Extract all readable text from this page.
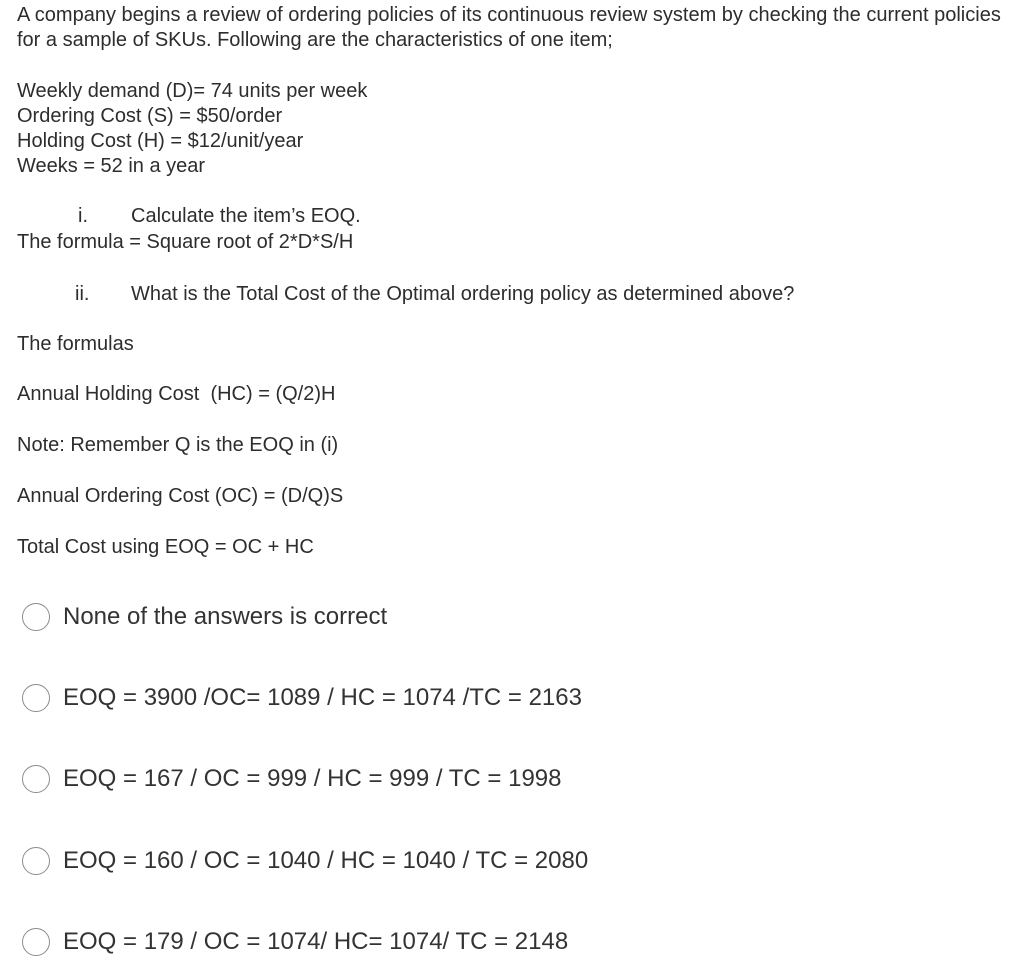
A company begins a review of ordering policies of its continuous review system by checking the current policies for a sample of SKUs. Following are the characteristics of one item;
Weekly demand (D)= 74 units per week
Ordering Cost (S) = $50/order
Holding Cost (H) = $12/unit/year
Weeks = 52 in a year
i. Calculate the item’s EOQ.
The formula = Square root of 2*D*S/H
ii. What is the Total Cost of the Optimal ordering policy as determined above?
The formulas
Annual Holding Cost  (HC) = (Q/2)H
Note: Remember Q is the EOQ in (i)
Annual Ordering Cost (OC) = (D/Q)S
Total Cost using EOQ = OC + HC
None of the answers is correct
EOQ = 3900 /OC= 1089 / HC = 1074 /TC = 2163
EOQ = 167 / OC = 999 / HC = 999 / TC = 1998
EOQ = 160 / OC = 1040 / HC = 1040 / TC = 2080
EOQ = 179 / OC = 1074/ HC= 1074/ TC = 2148
